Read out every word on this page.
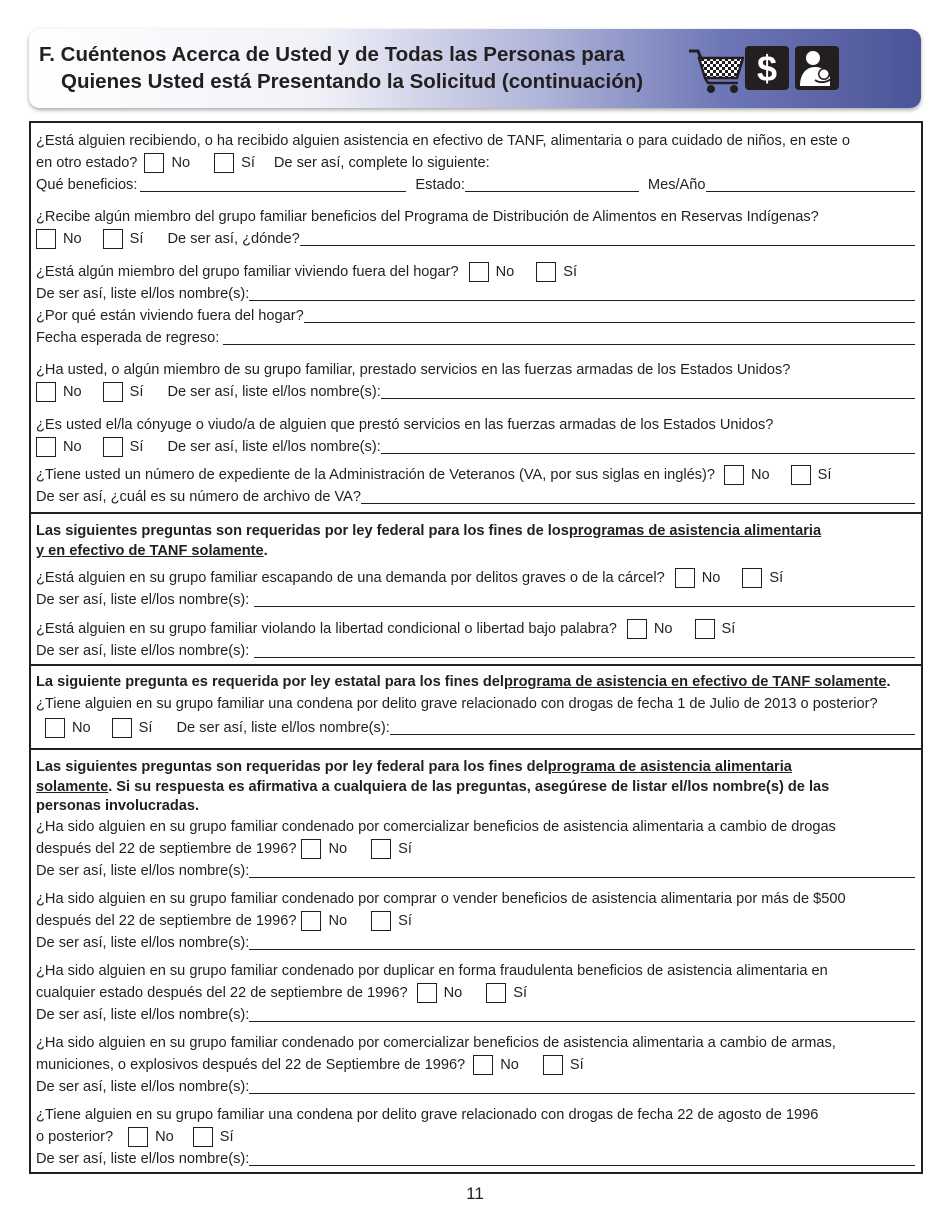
F. Cuéntenos Acerca de Usted y de Todas las Personas para
Quienes Usted está Presentando la Solicitud (continuación)	$
¿Está alguien recibiendo, o ha recibido alguien asistencia en efectivo de TANF, alimentaria o para cuidado de niños, en este o
en otro estado? No	Sí De ser así, complete lo siguiente:
Qué beneficios:	Estado:	Mes/Año
¿Recibe algún miembro del grupo familiar beneficios del Programa de Distribución de Alimentos en Reservas Indígenas?
No	Sí De ser así, ¿dónde?
¿Está algún miembro del grupo familiar viviendo fuera del hogar?	No	Sí
De ser así, liste el/los nombre(s):
¿Por qué están viviendo fuera del hogar?
Fecha esperada de regreso:
¿Ha usted, o algún miembro de su grupo familiar, prestado servicios en las fuerzas armadas de los Estados Unidos?
No	Sí De ser así, liste el/los nombre(s):
¿Es usted el/la cónyuge o viudo/a de alguien que prestó servicios en las fuerzas armadas de los Estados Unidos?
No	Sí De ser así, liste el/los nombre(s):
¿Tiene usted un número de expediente de la Administración de Veteranos (VA, por sus siglas en inglés)? No	Sí
De ser así, ¿cuál es su número de archivo de VA?
Las siguientes preguntas son requeridas por ley federal para los fines de los programas de asistencia alimentaria
y en efectivo de TANF solamente .
¿Está alguien en su grupo familiar escapando de una demanda por delitos graves o de la cárcel?	No	Sí
De ser así, liste el/los nombre(s):
¿Está alguien en su grupo familiar violando la libertad condicional o libertad bajo palabra?	No	Sí
De ser así, liste el/los nombre(s):
La siguiente pregunta es requerida por ley estatal para los fines del programa de asistencia en efectivo de TANF solamente .
¿Tiene alguien en su grupo familiar una condena por delito grave relacionado con drogas de fecha 1 de Julio de 2013 o posterior?
No	Sí De ser así, liste el/los nombre(s):
Las siguientes preguntas son requeridas por ley federal para los fines del programa de asistencia alimentaria
solamente . Si su respuesta es afirmativa a cualquiera de las preguntas, asegúrese de listar el/los nombre(s) de las
personas involucradas.
¿Ha sido alguien en su grupo familiar condenado por comercializar beneficios de asistencia alimentaria a cambio de drogas
después del 22 de septiembre de 1996? No	Sí
De ser así, liste el/los nombre(s):
¿Ha sido alguien en su grupo familiar condenado por comprar o vender beneficios de asistencia alimentaria por más de $500
después del 22 de septiembre de 1996? No	Sí
De ser así, liste el/los nombre(s):
¿Ha sido alguien en su grupo familiar condenado por duplicar en forma fraudulenta beneficios de asistencia alimentaria en
cualquier estado después del 22 de septiembre de 1996? No	Sí
De ser así, liste el/los nombre(s):
¿Ha sido alguien en su grupo familiar condenado por comercializar beneficios de asistencia alimentaria a cambio de armas,
municiones, o explosivos después del 22 de Septiembre de 1996? No	Sí
De ser así, liste el/los nombre(s):
¿Tiene alguien en su grupo familiar una condena por delito grave relacionado con drogas de fecha 22 de agosto de 1996
o posterior?	No	Sí
De ser así, liste el/los nombre(s):
11
